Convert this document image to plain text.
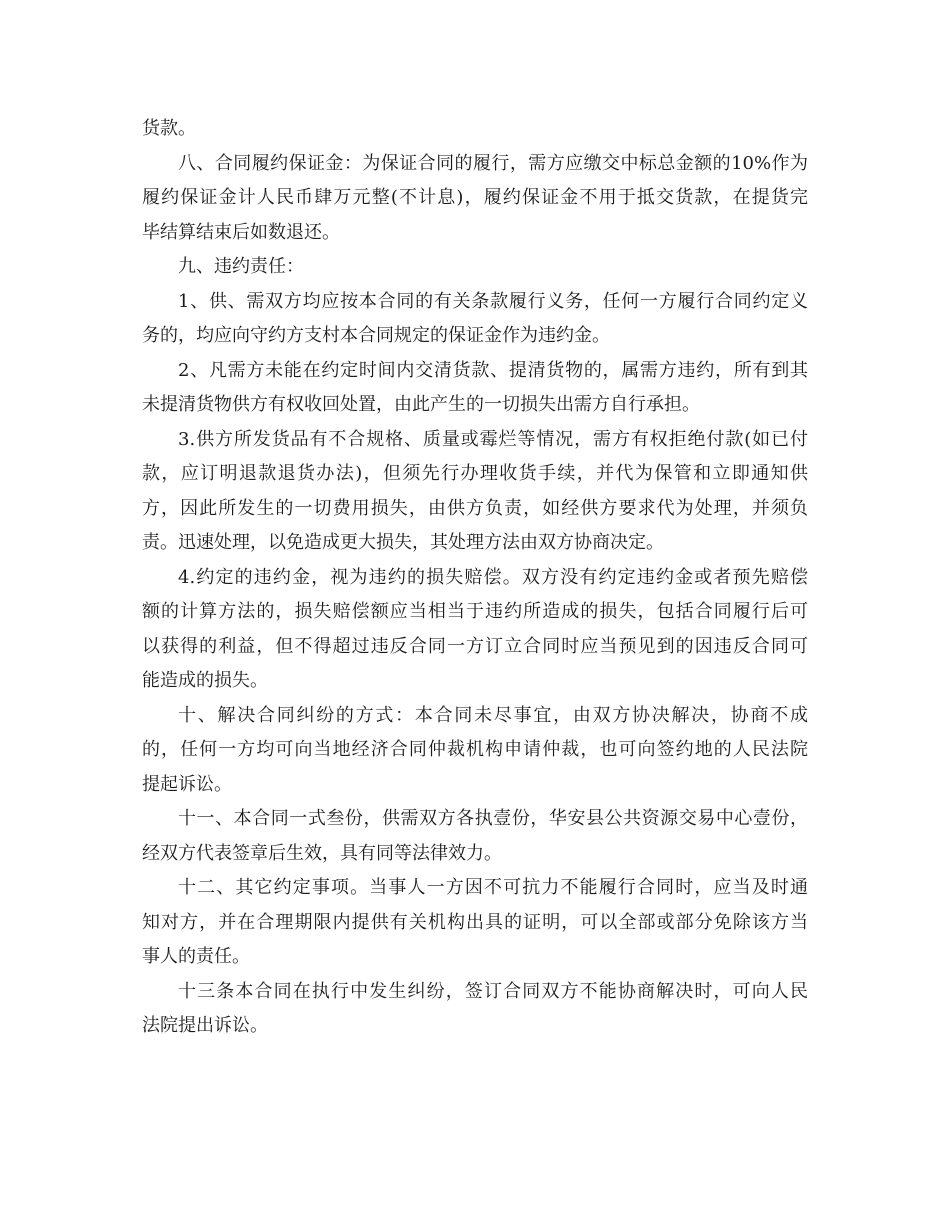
货款。
八、合同履约保证金：为保证合同的履行，需方应缴交中标总金额的10%作为
履约保证金计人民币肆万元整(不计息)，履约保证金不用于抵交货款，在提货完
毕结算结束后如数退还。
九、违约责任：
1、供、需双方均应按本合同的有关条款履行义务，任何一方履行合同约定义
务的，均应向守约方支村本合同规定的保证金作为违约金。
2、凡需方未能在约定时间内交清货款、提清货物的，属需方违约，所有到其
未提清货物供方有权收回处置，由此产生的一切损失出需方自行承担。
3.供方所发货品有不合规格、质量或霉烂等情况，需方有权拒绝付款(如已付
款，应订明退款退货办法)，但须先行办理收货手续，并代为保管和立即通知供
方，因此所发生的一切费用损失，由供方负责，如经供方要求代为处理，并须负
责。迅速处理，以免造成更大损失，其处理方法由双方协商决定。
4.约定的违约金，视为违约的损失赔偿。双方没有约定违约金或者预先赔偿
额的计算方法的，损失赔偿额应当相当于违约所造成的损失，包括合同履行后可
以获得的利益，但不得超过违反合同一方订立合同时应当预见到的因违反合同可
能造成的损失。
十、解决合同纠纷的方式：本合同未尽事宜，由双方协决解决，协商不成
的，任何一方均可向当地经济合同仲裁机构申请仲裁，也可向签约地的人民法院
提起诉讼。
十一、本合同一式叁份，供需双方各执壹份，华安县公共资源交易中心壹份，
经双方代表签章后生效，具有同等法律效力。
十二、其它约定事项。当事人一方因不可抗力不能履行合同时，应当及时通
知对方，并在合理期限内提供有关机构出具的证明，可以全部或部分免除该方当
事人的责任。
十三条本合同在执行中发生纠纷，签订合同双方不能协商解决时，可向人民
法院提出诉讼。
